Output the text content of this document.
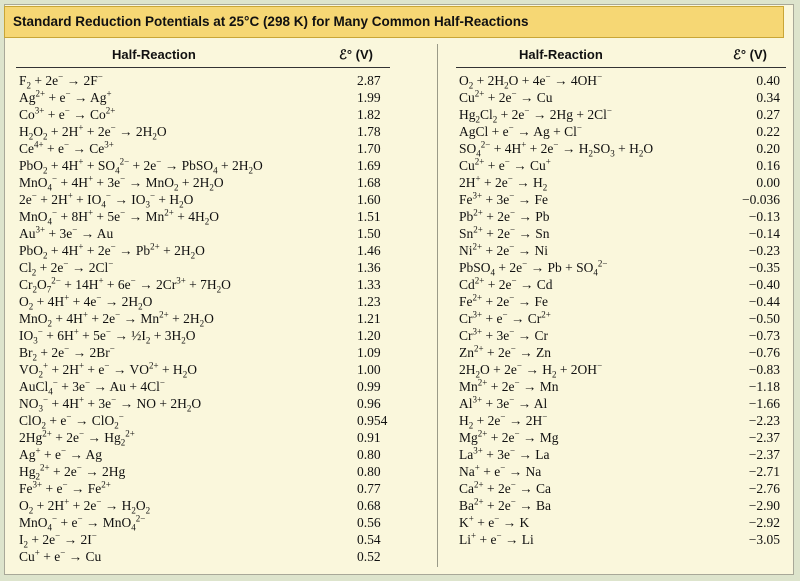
Standard Reduction Potentials at 25°C (298 K) for Many Common Half-Reactions
Half-Reaction	ℰ° (V)	Half-Reaction	ℰ° (V)
$F_2 + 2e^- \to 2F^-$	2.87
$Ag^{2+} + e^- \to Ag^+$	1.99
$Co^{3+} + e^- \to Co^{2+}$	1.82
$H_2O_2 + 2H^+ + 2e^- \to 2H_2O$	1.78
$Ce^{4+} + e^- \to Ce^{3+}$	1.70
$PbO_2 + 4H^+ + SO_4^{2-} + 2e^-$ → PbSO$_4$ + $2H_2O$	1.69
$MnO_4^- + 4H^+ + 3e^- \to MnO_2 + 2H_2O$	1.68
$2e^- + 2H^+ + IO_4^- \to IO_3^- + H_2O$	1.60
$MnO_4^- + 8H^+ + 5e^- \to Mn^{2+} + 4H_2O$	1.51
$Au^{3+} + 3e^- \to Au$	1.50
$PbO_2 + 4H^+ + 2e^- \to Pb^{2+} + 2H_2O$	1.46
$Cl_2 + 2e^- \to 2Cl^-$	1.36
$Cr_2O_7^{2-} + 14H^+ + 6e^- \to 2Cr^{3+} + 7H_2O$	1.33
$O_2 + 4H^+ + 4e^- \to 2H_2O$	1.23
$MnO_2 + 4H^+ + 2e^- \to Mn^{2+} + 2H_2O$	1.21
$IO_3^- + 6H^+ + 5e^-$ → $\frac{1}{2}I_2 + 3H_2O$	1.20
$Br_2 + 2e^- \to 2Br^-$	1.09
$VO_2^+ + 2H^+ + e^- \to VO^{2+} + H_2O$	1.00
AuCl$_4$− + 3e− → Au + 4Cl−	0.99
$NO_3^- + 4H^+ + 3e^-$ → NO + $2H_2O$	0.96
ClO$_2$ + e− → ClO$_2$−	0.954
$2Hg^{2+} + 2e^- \to Hg_2^{2+}$	0.91
Ag+ + e− → Ag	0.80
$Hg_2^{2+} + 2e^- \to 2Hg$	0.80
$Fe^{3+} + e^- \to Fe^{2+}$	0.77
$O_2 + 2H^+ + 2e^- \to H_2O_2$	0.68
MnO$_4$− + e− → MnO$_4^{2-}$	0.56
$I_2 + 2e^- \to 2I^-$	0.54
Cu+ + e− → Cu	0.52
$O_2 + 2H_2O + 4e^- \to 4OH^-$	0.40
$Cu^{2+} + 2e^- \to Cu$	0.34
$Hg_2Cl_2 + 2e^- \to 2Hg + 2Cl^-$	0.27
AgCl + e− → Ag + Cl−	0.22
$SO_4^{2-} + 4H^+ + 2e^- \to H_2SO_3 + H_2O$	0.20
$Cu^{2+} + e^- \to Cu^+$	0.16
$2H^+ + 2e^- \to H_2$	0.00
$Fe^{3+} + 3e^- \to Fe$	−0.036
$Pb^{2+} + 2e^- \to Pb$	−0.13
$Sn^{2+} + 2e^- \to Sn$	−0.14
$Ni^{2+} + 2e^- \to Ni$	−0.23
PbSO$_4$ + $2e^- \to Pb + SO_4^{2-}$	−0.35
$Cd^{2+} + 2e^- \to Cd$	−0.40
$Fe^{2+} + 2e^- \to Fe$	−0.44
$Cr^{3+} + e^- \to Cr^{2+}$	−0.50
$Cr^{3+} + 3e^- \to Cr$	−0.73
$Zn^{2+} + 2e^- \to Zn$	−0.76
$2H_2O + 2e^- \to H_2 + 2OH^-$	−0.83
$Mn^{2+} + 2e^- \to Mn$	−1.18
$Al^{3+} + 3e^- \to Al$	−1.66
$H_2 + 2e^- \to 2H^-$	−2.23
$Mg^{2+} + 2e^- \to Mg$	−2.37
$La^{3+} + 3e^- \to La$	−2.37
Na+ + e− → Na	−2.71
$Ca^{2+} + 2e^- \to Ca$	−2.76
$Ba^{2+} + 2e^- \to Ba$	−2.90
K+ + e− → K	−2.92
Li+ + e− → Li	−3.05
